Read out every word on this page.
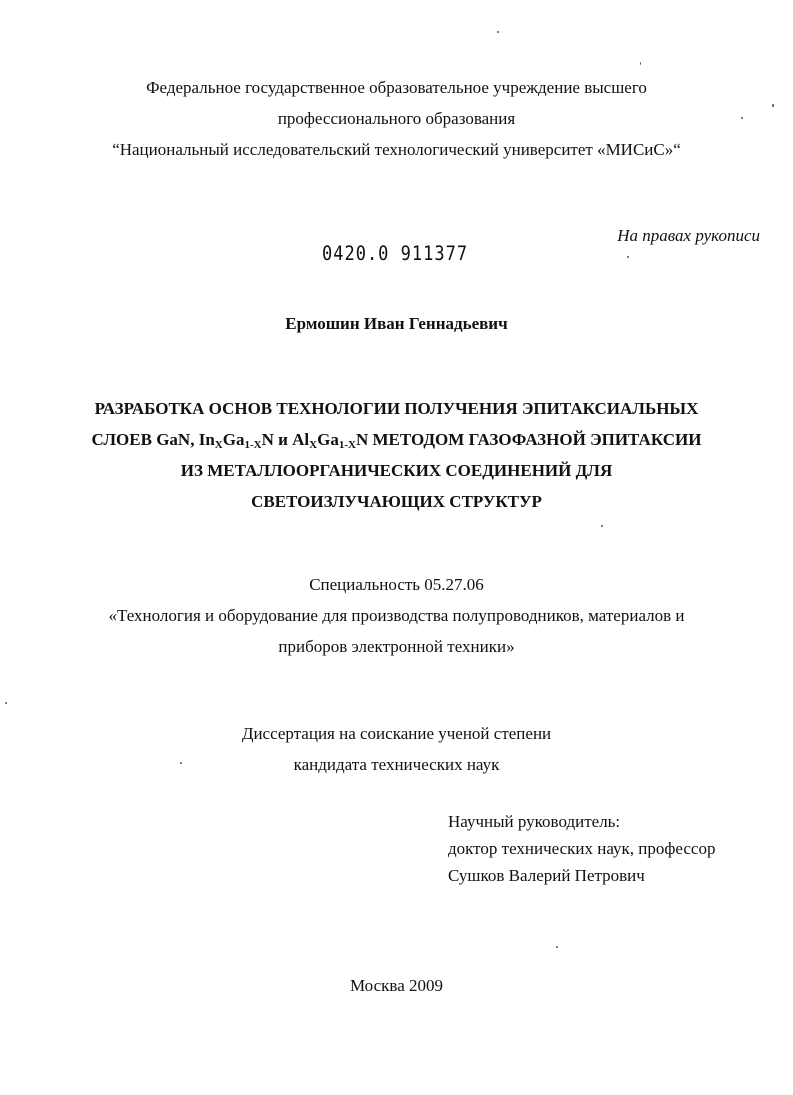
Федеральное государственное образовательное учреждение высшего
профессионального образования
“Национальный исследовательский технологический университет «МИСиС»“
На правах рукописи
0420.0 911377
Ермошин Иван Геннадьевич
РАЗРАБОТКА ОСНОВ ТЕХНОЛОГИИ ПОЛУЧЕНИЯ ЭПИТАКСИАЛЬНЫХ
СЛОЕВ GaN, $In_XGa_{1-X}N$ и $Al_XGa_{1-X}N$ МЕТОДОМ ГАЗОФАЗНОЙ ЭПИТАКСИИ
ИЗ МЕТАЛЛООРГАНИЧЕСКИХ СОЕДИНЕНИЙ ДЛЯ
СВЕТОИЗЛУЧАЮЩИХ СТРУКТУР
Специальность 05.27.06
«Технология и оборудование для производства полупроводников, материалов и
приборов электронной техники»
Диссертация на соискание ученой степени
кандидата технических наук
Научный руководитель:
доктор технических наук, профессор
Сушков Валерий Петрович
Москва 2009
